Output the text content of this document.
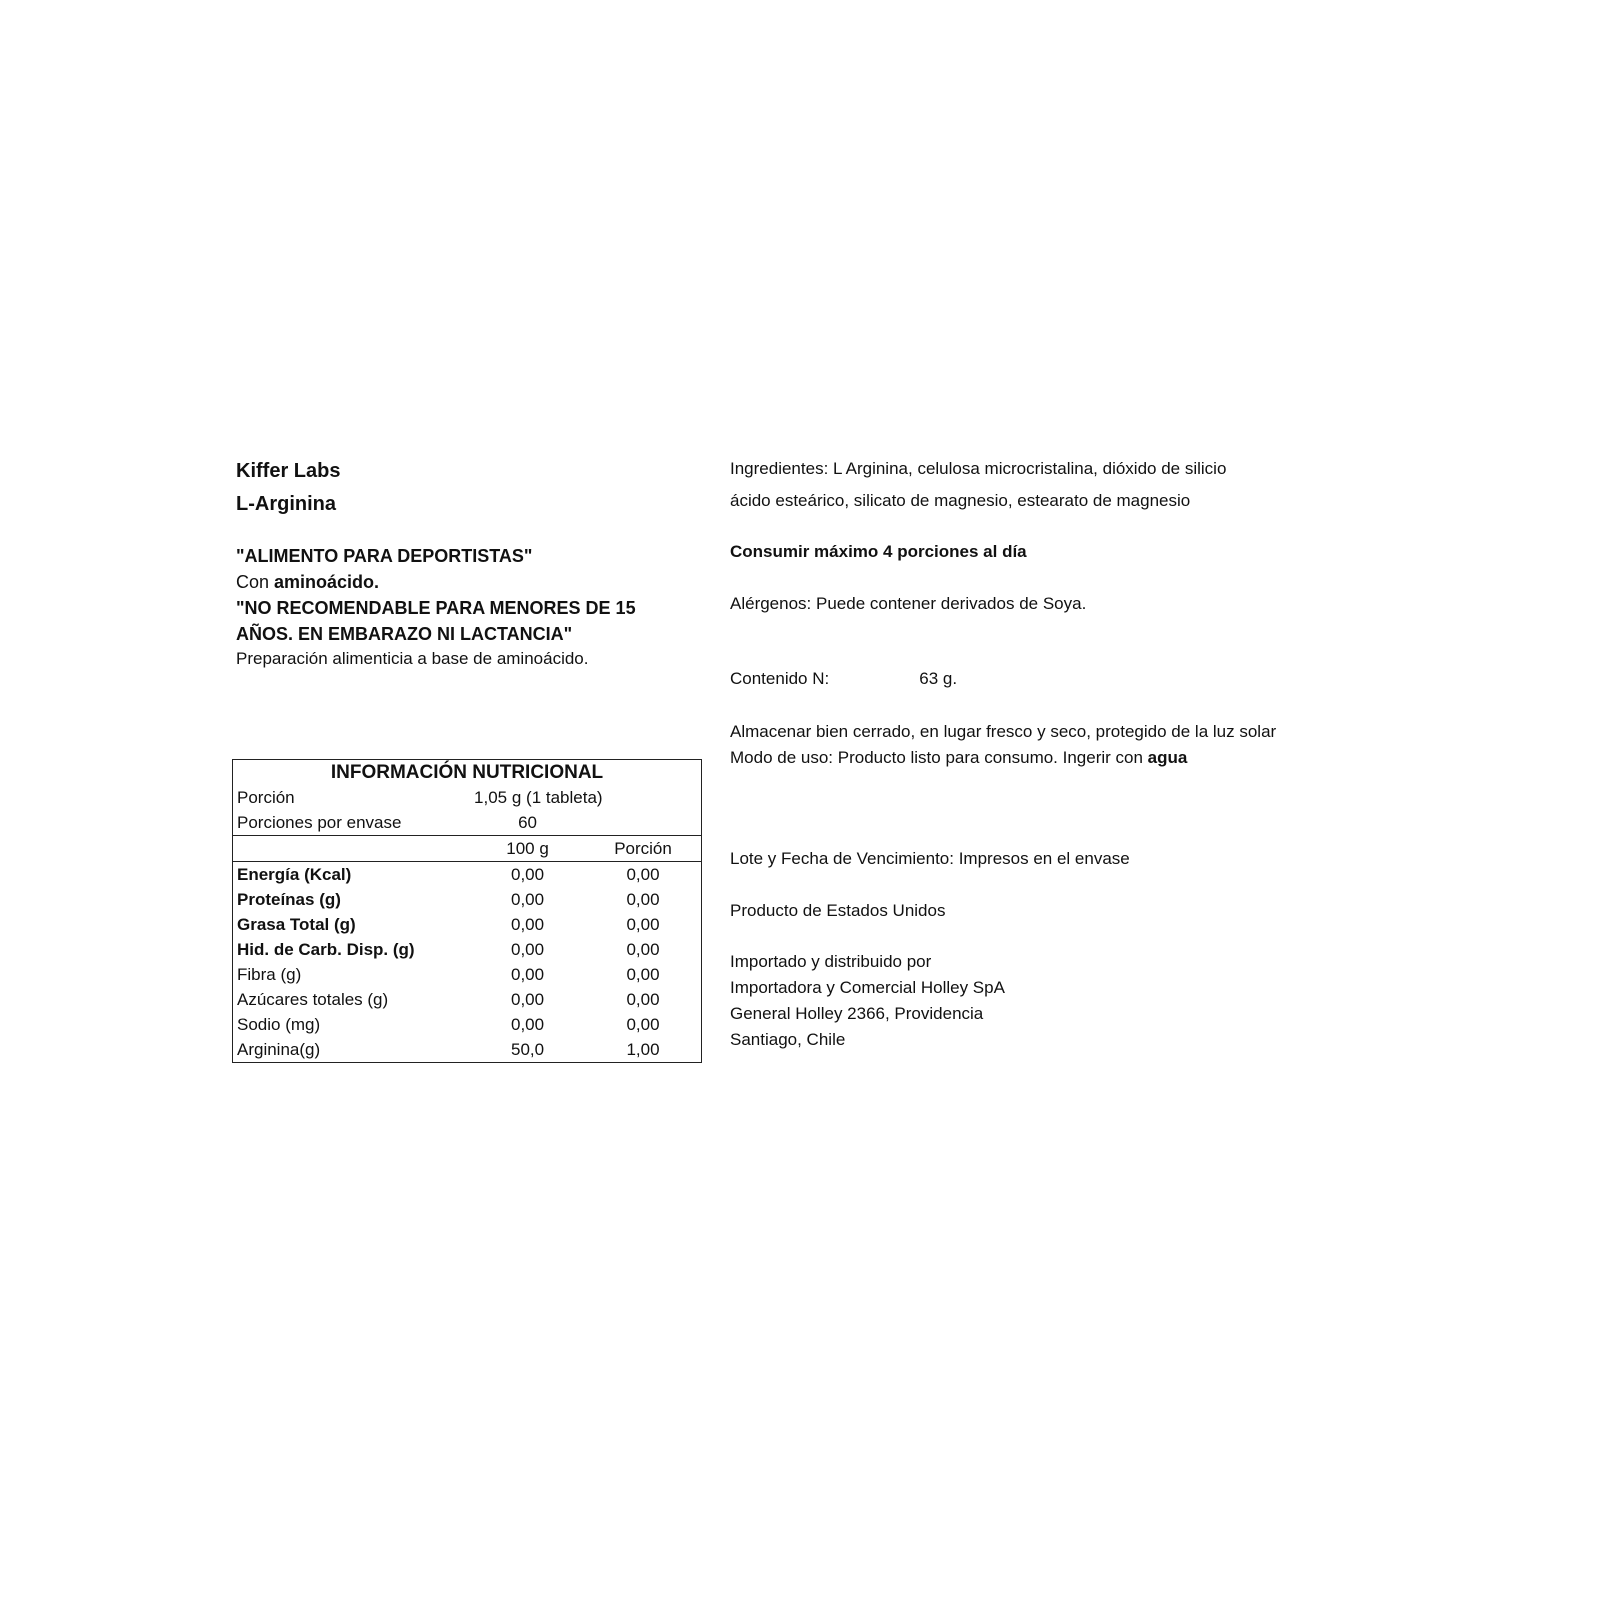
Kiffer Labs
L-Arginina
"ALIMENTO PARA DEPORTISTAS"
Con aminoácido.
"NO RECOMENDABLE PARA MENORES DE 15
AÑOS. EN EMBARAZO NI LACTANCIA"
Preparación alimenticia a base de aminoácido.
INFORMACIÓN NUTRICIONAL		
Porción	1,05 g (1 tableta)	
Porciones por envase	60	
	100 g	Porción
Energía (Kcal)	0,00	0,00
Proteínas (g)	0,00	0,00
Grasa Total (g)	0,00	0,00
Hid. de Carb. Disp. (g)	0,00	0,00
Fibra (g)	0,00	0,00
Azúcares totales (g)	0,00	0,00
Sodio (mg)	0,00	0,00
Arginina(g)	50,0	1,00
Ingredientes: L Arginina, celulosa microcristalina, dióxido de silicio
ácido esteárico, silicato de magnesio, estearato de magnesio
Consumir máximo 4 porciones al día
Alérgenos: Puede contener derivados de Soya.
Contenido N:	63 g.
Almacenar bien cerrado, en lugar fresco y seco, protegido de la luz solar
Modo de uso: Producto listo para consumo. Ingerir con agua
Lote y Fecha de Vencimiento: Impresos en el envase
Producto de Estados Unidos
Importado y distribuido por
Importadora y Comercial Holley SpA
General Holley 2366, Providencia
Santiago, Chile
